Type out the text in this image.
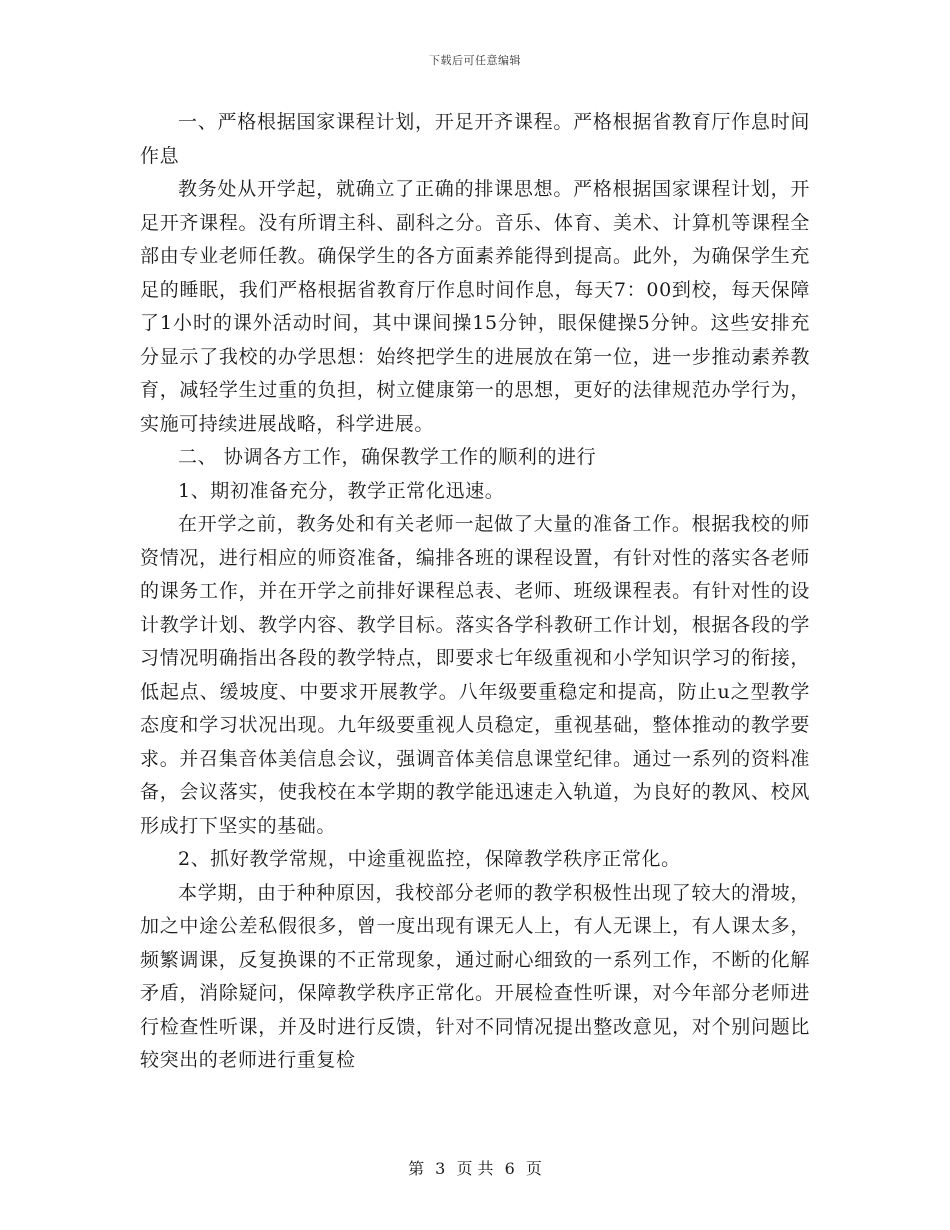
下载后可任意编辑

一、严格根据国家课程计划，开足开齐课程。严格根据省教育厅作息时间作息

教务处从开学起，就确立了正确的排课思想。严格根据国家课程计划，开足开齐课程。没有所谓主科、副科之分。音乐、体育、美术、计算机等课程全部由专业老师任教。确保学生的各方面素养能得到提高。此外，为确保学生充足的睡眠，我们严格根据省教育厅作息时间作息，每天7：00到校，每天保障了1小时的课外活动时间，其中课间操15分钟，眼保健操5分钟。这些安排充分显示了我校的办学思想：始终把学生的进展放在第一位，进一步推动素养教育，减轻学生过重的负担，树立健康第一的思想，更好的法律规范办学行为，实施可持续进展战略，科学进展。

二、 协调各方工作，确保教学工作的顺利的进行

1、期初准备充分，教学正常化迅速。

在开学之前，教务处和有关老师一起做了大量的准备工作。根据我校的师资情况，进行相应的师资准备，编排各班的课程设置，有针对性的落实各老师的课务工作，并在开学之前排好课程总表、老师、班级课程表。有针对性的设计教学计划、教学内容、教学目标。落实各学科教研工作计划，根据各段的学习情况明确指出各段的教学特点，即要求七年级重视和小学知识学习的衔接，低起点、缓坡度、中要求开展教学。八年级要重稳定和提高，防止u之型教学态度和学习状况出现。九年级要重视人员稳定，重视基础，整体推动的教学要求。并召集音体美信息会议，强调音体美信息课堂纪律。通过一系列的资料准备，会议落实，使我校在本学期的教学能迅速走入轨道，为良好的教风、校风形成打下坚实的基础。

2、抓好教学常规，中途重视监控，保障教学秩序正常化。

本学期，由于种种原因，我校部分老师的教学积极性出现了较大的滑坡，加之中途公差私假很多，曾一度出现有课无人上，有人无课上，有人课太多，频繁调课，反复换课的不正常现象，通过耐心细致的一系列工作，不断的化解矛盾，消除疑问，保障教学秩序正常化。开展检查性听课，对今年部分老师进行检查性听课，并及时进行反馈，针对不同情况提出整改意见，对个别问题比较突出的老师进行重复检

第 3 页 共 6 页
